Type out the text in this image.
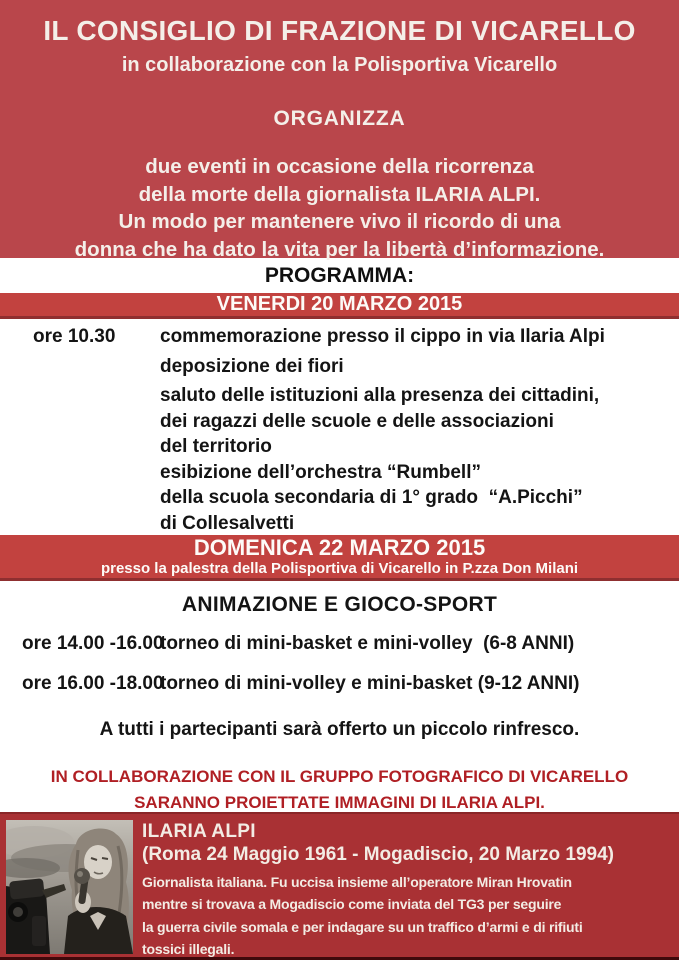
IL CONSIGLIO DI FRAZIONE DI VICARELLO
in collaborazione con la Polisportiva Vicarello
ORGANIZZA
due eventi in occasione della ricorrenza
della morte della giornalista ILARIA ALPI.
Un modo per mantenere vivo il ricordo di una
donna che ha dato la vita per la libertà d’informazione.
PROGRAMMA:
VENERDI 20 MARZO 2015
ore 10.30	commemorazione presso il cippo in via Ilaria Alpi
deposizione dei fiori
saluto delle istituzioni alla presenza dei cittadini,
dei ragazzi delle scuole e delle associazioni
del territorio
esibizione dell’orchestra “Rumbell”
della scuola secondaria di 1° grado  “A.Picchi”
di Collesalvetti
DOMENICA 22 MARZO 2015
presso la palestra della Polisportiva di Vicarello in P.zza Don Milani
ANIMAZIONE E GIOCO-SPORT
ore 14.00 -16.00
torneo di mini-basket e mini-volley  (6-8 ANNI)
ore 16.00 -18.00
torneo di mini-volley e mini-basket (9-12 ANNI)
A tutti i partecipanti sarà offerto un piccolo rinfresco.
IN COLLABORAZIONE CON IL GRUPPO FOTOGRAFICO DI VICARELLO
SARANNO PROIETTATE IMMAGINI DI ILARIA ALPI.
ILARIA ALPI
(Roma 24 Maggio 1961 - Mogadiscio, 20 Marzo 1994)
Giornalista italiana. Fu uccisa insieme all’operatore Miran Hrovatin
mentre si trovava a Mogadiscio come inviata del TG3 per seguire
la guerra civile somala e per indagare su un traffico d’armi e di rifiuti
tossici illegali.
